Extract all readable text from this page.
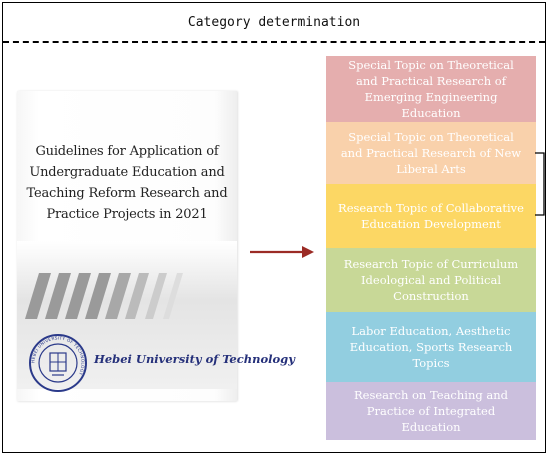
Category determination
Guidelines for Application of
Undergraduate Education and
Teaching Reform Research and
Practice Projects in 2021
HEBEI UNIVERSITY OF TECHNOLOGY
Hebei University of Technology
Special Topic on Theoretical and Practical Research of Emerging Engineering Education
Special Topic on Theoretical and Practical Research of New Liberal Arts
Research Topic of Collaborative Education Development
Research Topic of Curriculum Ideological and Political Construction
Labor Education, Aesthetic Education, Sports Research Topics
Research on Teaching and Practice of Integrated Education
